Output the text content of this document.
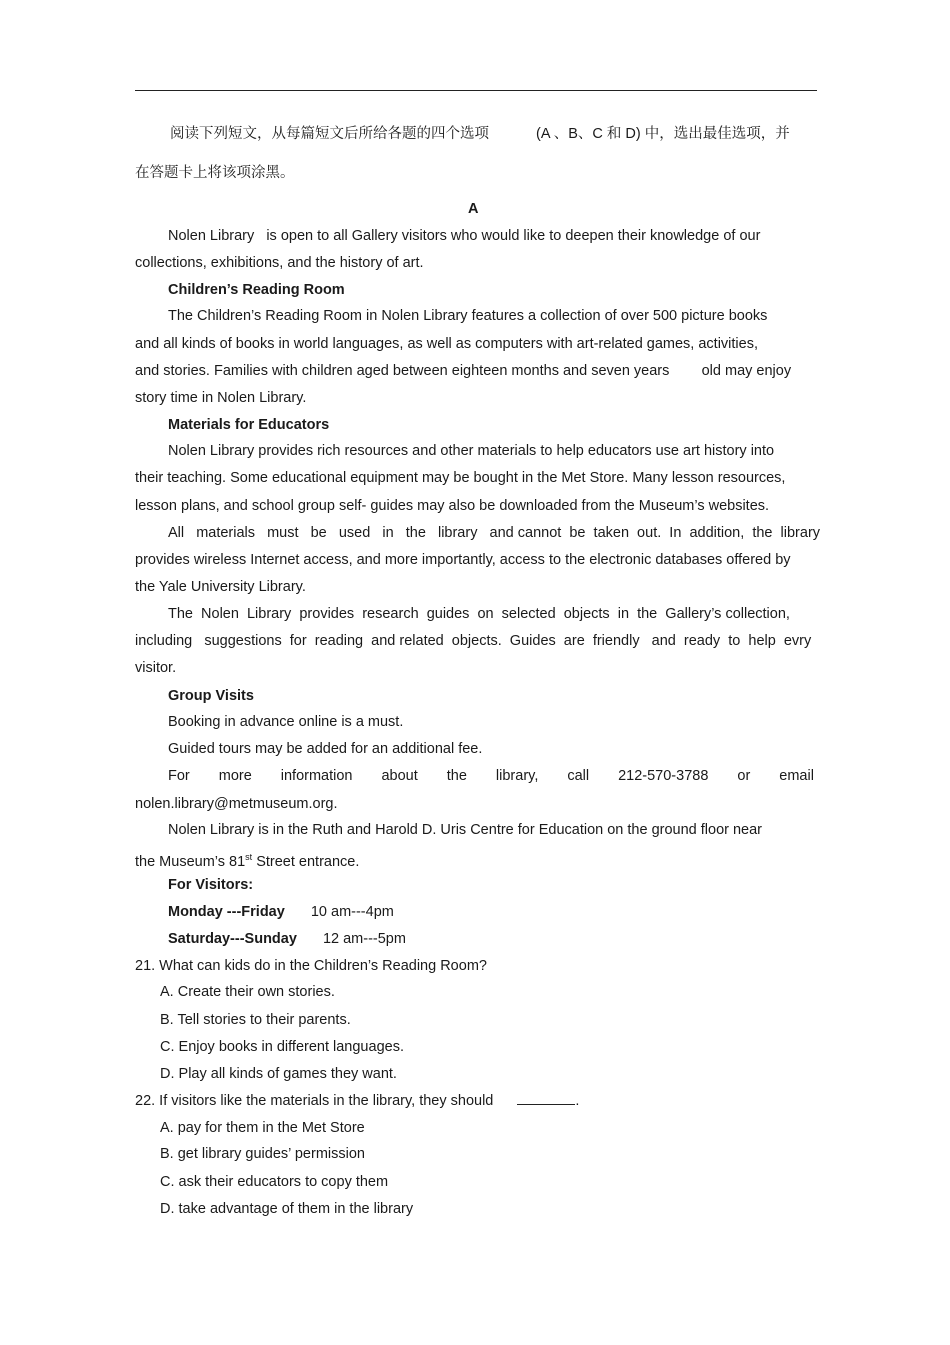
阅读下列短文，从每篇短文后所给各题的四个选项	(A 、B、C 和 D) 中，选出最佳选项，并
在答题卡上将该项涂黑。
A
Nolen Library   is open to all Gallery visitors who would like to deepen their knowledge of our
collections, exhibitions, and the history of art.
Children’s Reading Room
The Children’s Reading Room in Nolen Library features a collection of over 500 picture books
and all kinds of books in world languages, as well as computers with art-related games, activities,
and stories. Families with children aged between eighteen months and seven years        old may enjoy
story time in Nolen Library.
Materials for Educators
Nolen Library provides rich resources and other materials to help educators use art history into
their teaching. Some educational equipment may be bought in the Met Store. Many lesson resources,
lesson plans, and school group self- guides may also be downloaded from the Museum’s websites.
All   materials   must   be   used   in   the   library   and cannot  be  taken  out.  In  addition,  the  library
provides wireless Internet access, and more importantly, access to the electronic databases offered by
the Yale University Library.
The  Nolen  Library  provides  research  guides  on  selected  objects  in  the  Gallery’s collection,
including   suggestions  for  reading  and related  objects.  Guides  are  friendly   and  ready  to  help  evry
visitor.
Group Visits
Booking in advance online is a must.
Guided tours may be added for an additional fee.
For more information about the library, call 212-570-3788 or email
nolen.library@metmuseum.org.
Nolen Library is in the Ruth and Harold D. Uris Centre for Education on the ground floor near
the Museum’s 81st Street entrance.
For Visitors:
Monday ---Friday 10 am---4pm
Saturday---Sunday 12 am---5pm
21. What can kids do in the Children’s Reading Room?
A. Create their own stories.
B. Tell stories to their parents.
C. Enjoy books in different languages.
D. Play all kinds of games they want.
22. If visitors like the materials in the library, they should	.
A. pay for them in the Met Store
B. get library guides’ permission
C. ask their educators to copy them
D. take advantage of them in the library
